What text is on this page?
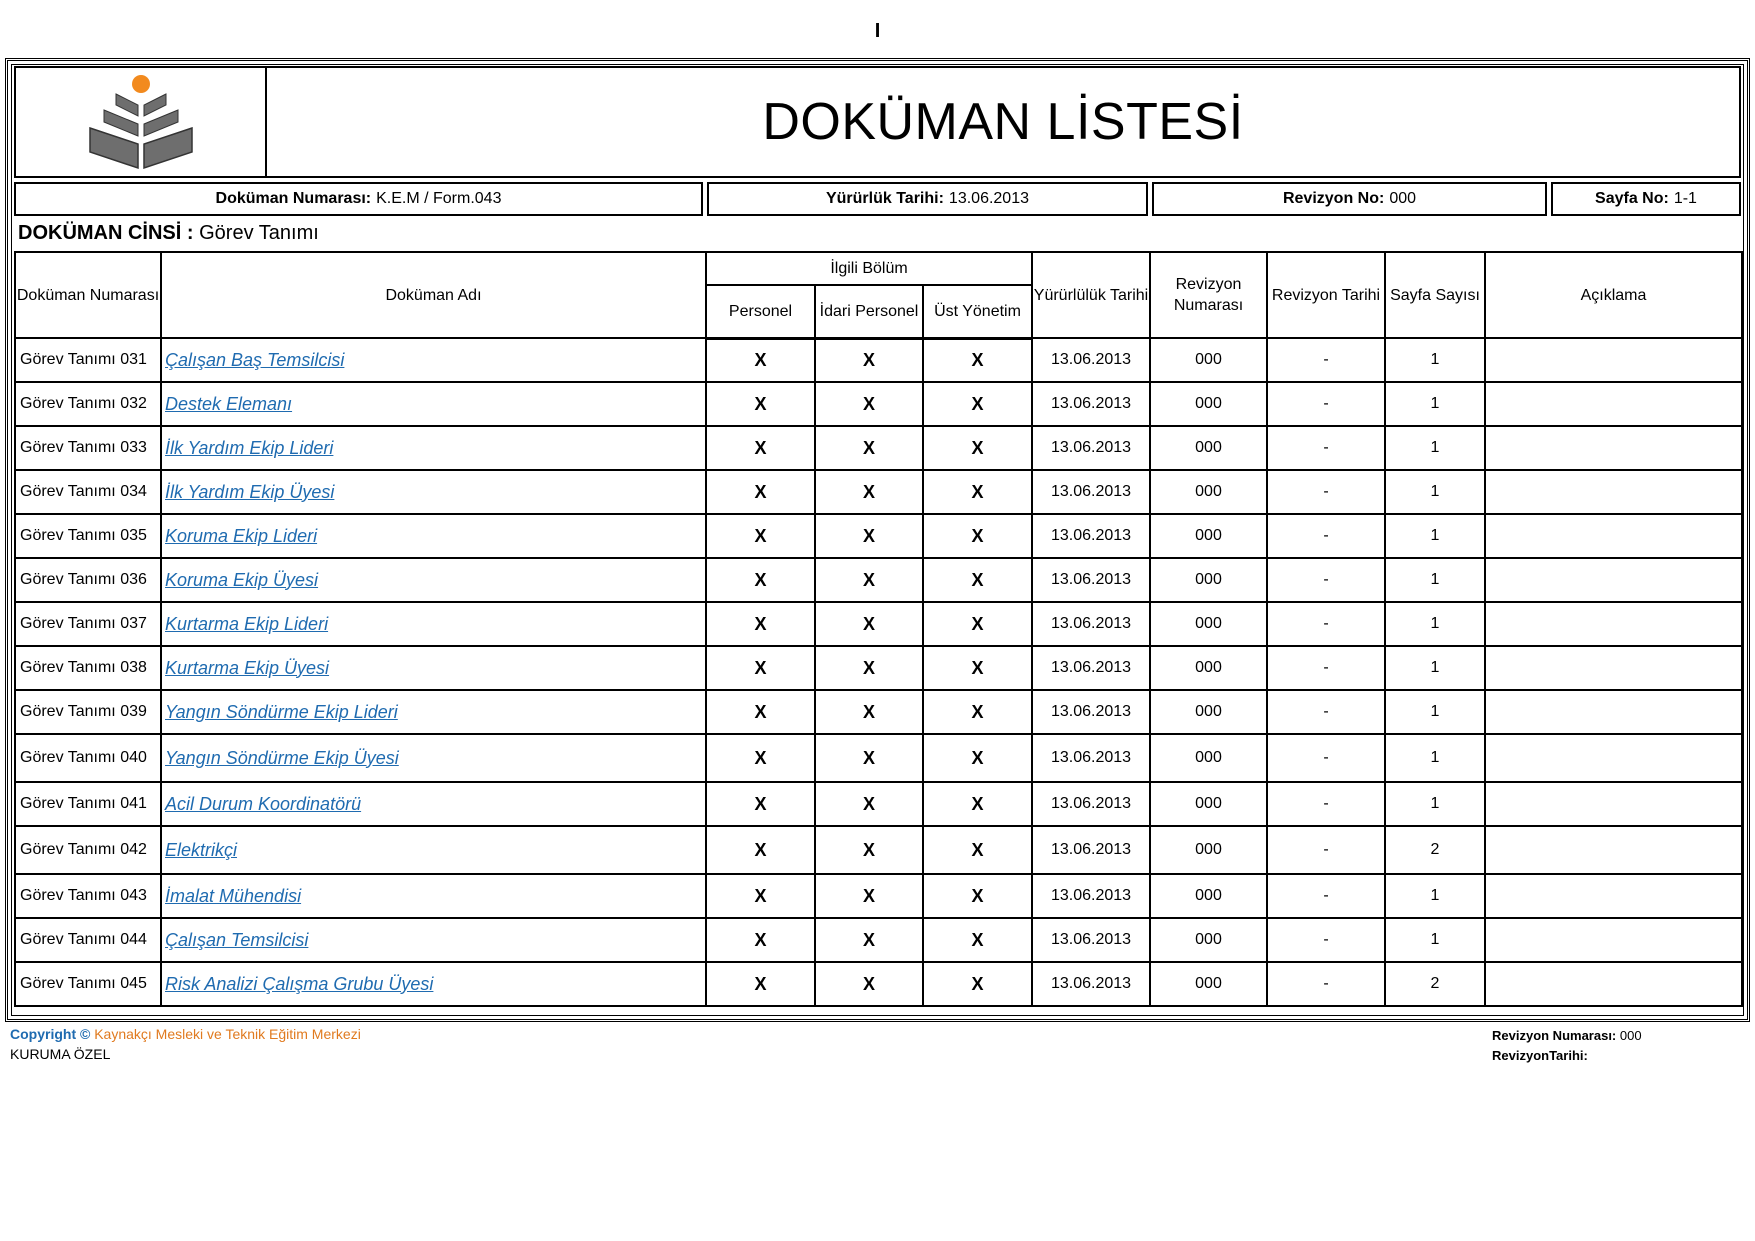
I
DOKÜMAN LİSTESİ
Doküman Numarası: K.E.M / Form.043	Yürürlük Tarihi: 13.06.2013	Revizyon No: 000	Sayfa No: 1-1
DOKÜMAN CİNSİ : Görev Tanımı
Doküman Numarası	Doküman Adı	İlgili Bölüm			Yürürlülük Tarihi	Revizyon Numarası	Revizyon Tarihi	Sayfa Sayısı	Açıklama
		Personel	İdari Personel	Üst Yönetim					
Görev Tanımı 031	Çalışan Baş Temsilcisi	X	X	X	13.06.2013	000	-	1	
Görev Tanımı 032	Destek Elemanı	X	X	X	13.06.2013	000	-	1	
Görev Tanımı 033	İlk Yardım Ekip Lideri	X	X	X	13.06.2013	000	-	1	
Görev Tanımı 034	İlk Yardım Ekip Üyesi	X	X	X	13.06.2013	000	-	1	
Görev Tanımı 035	Koruma Ekip Lideri	X	X	X	13.06.2013	000	-	1	
Görev Tanımı 036	Koruma Ekip Üyesi	X	X	X	13.06.2013	000	-	1	
Görev Tanımı 037	Kurtarma Ekip Lideri	X	X	X	13.06.2013	000	-	1	
Görev Tanımı 038	Kurtarma Ekip Üyesi	X	X	X	13.06.2013	000	-	1	
Görev Tanımı 039	Yangın Söndürme Ekip Lideri	X	X	X	13.06.2013	000	-	1	
Görev Tanımı 040	Yangın Söndürme Ekip Üyesi	X	X	X	13.06.2013	000	-	1	
Görev Tanımı 041	Acil Durum Koordinatörü	X	X	X	13.06.2013	000	-	1	
Görev Tanımı 042	Elektrikçi	X	X	X	13.06.2013	000	-	2	
Görev Tanımı 043	İmalat Mühendisi	X	X	X	13.06.2013	000	-	1	
Görev Tanımı 044	Çalışan Temsilcisi	X	X	X	13.06.2013	000	-	1	
Görev Tanımı 045	Risk Analizi Çalışma Grubu Üyesi	X	X	X	13.06.2013	000	-	2	
Copyright © Kaynakçı Mesleki ve Teknik Eğitim Merkezi
KURUMA ÖZEL
Revizyon Numarası: 000
RevizyonTarihi:
